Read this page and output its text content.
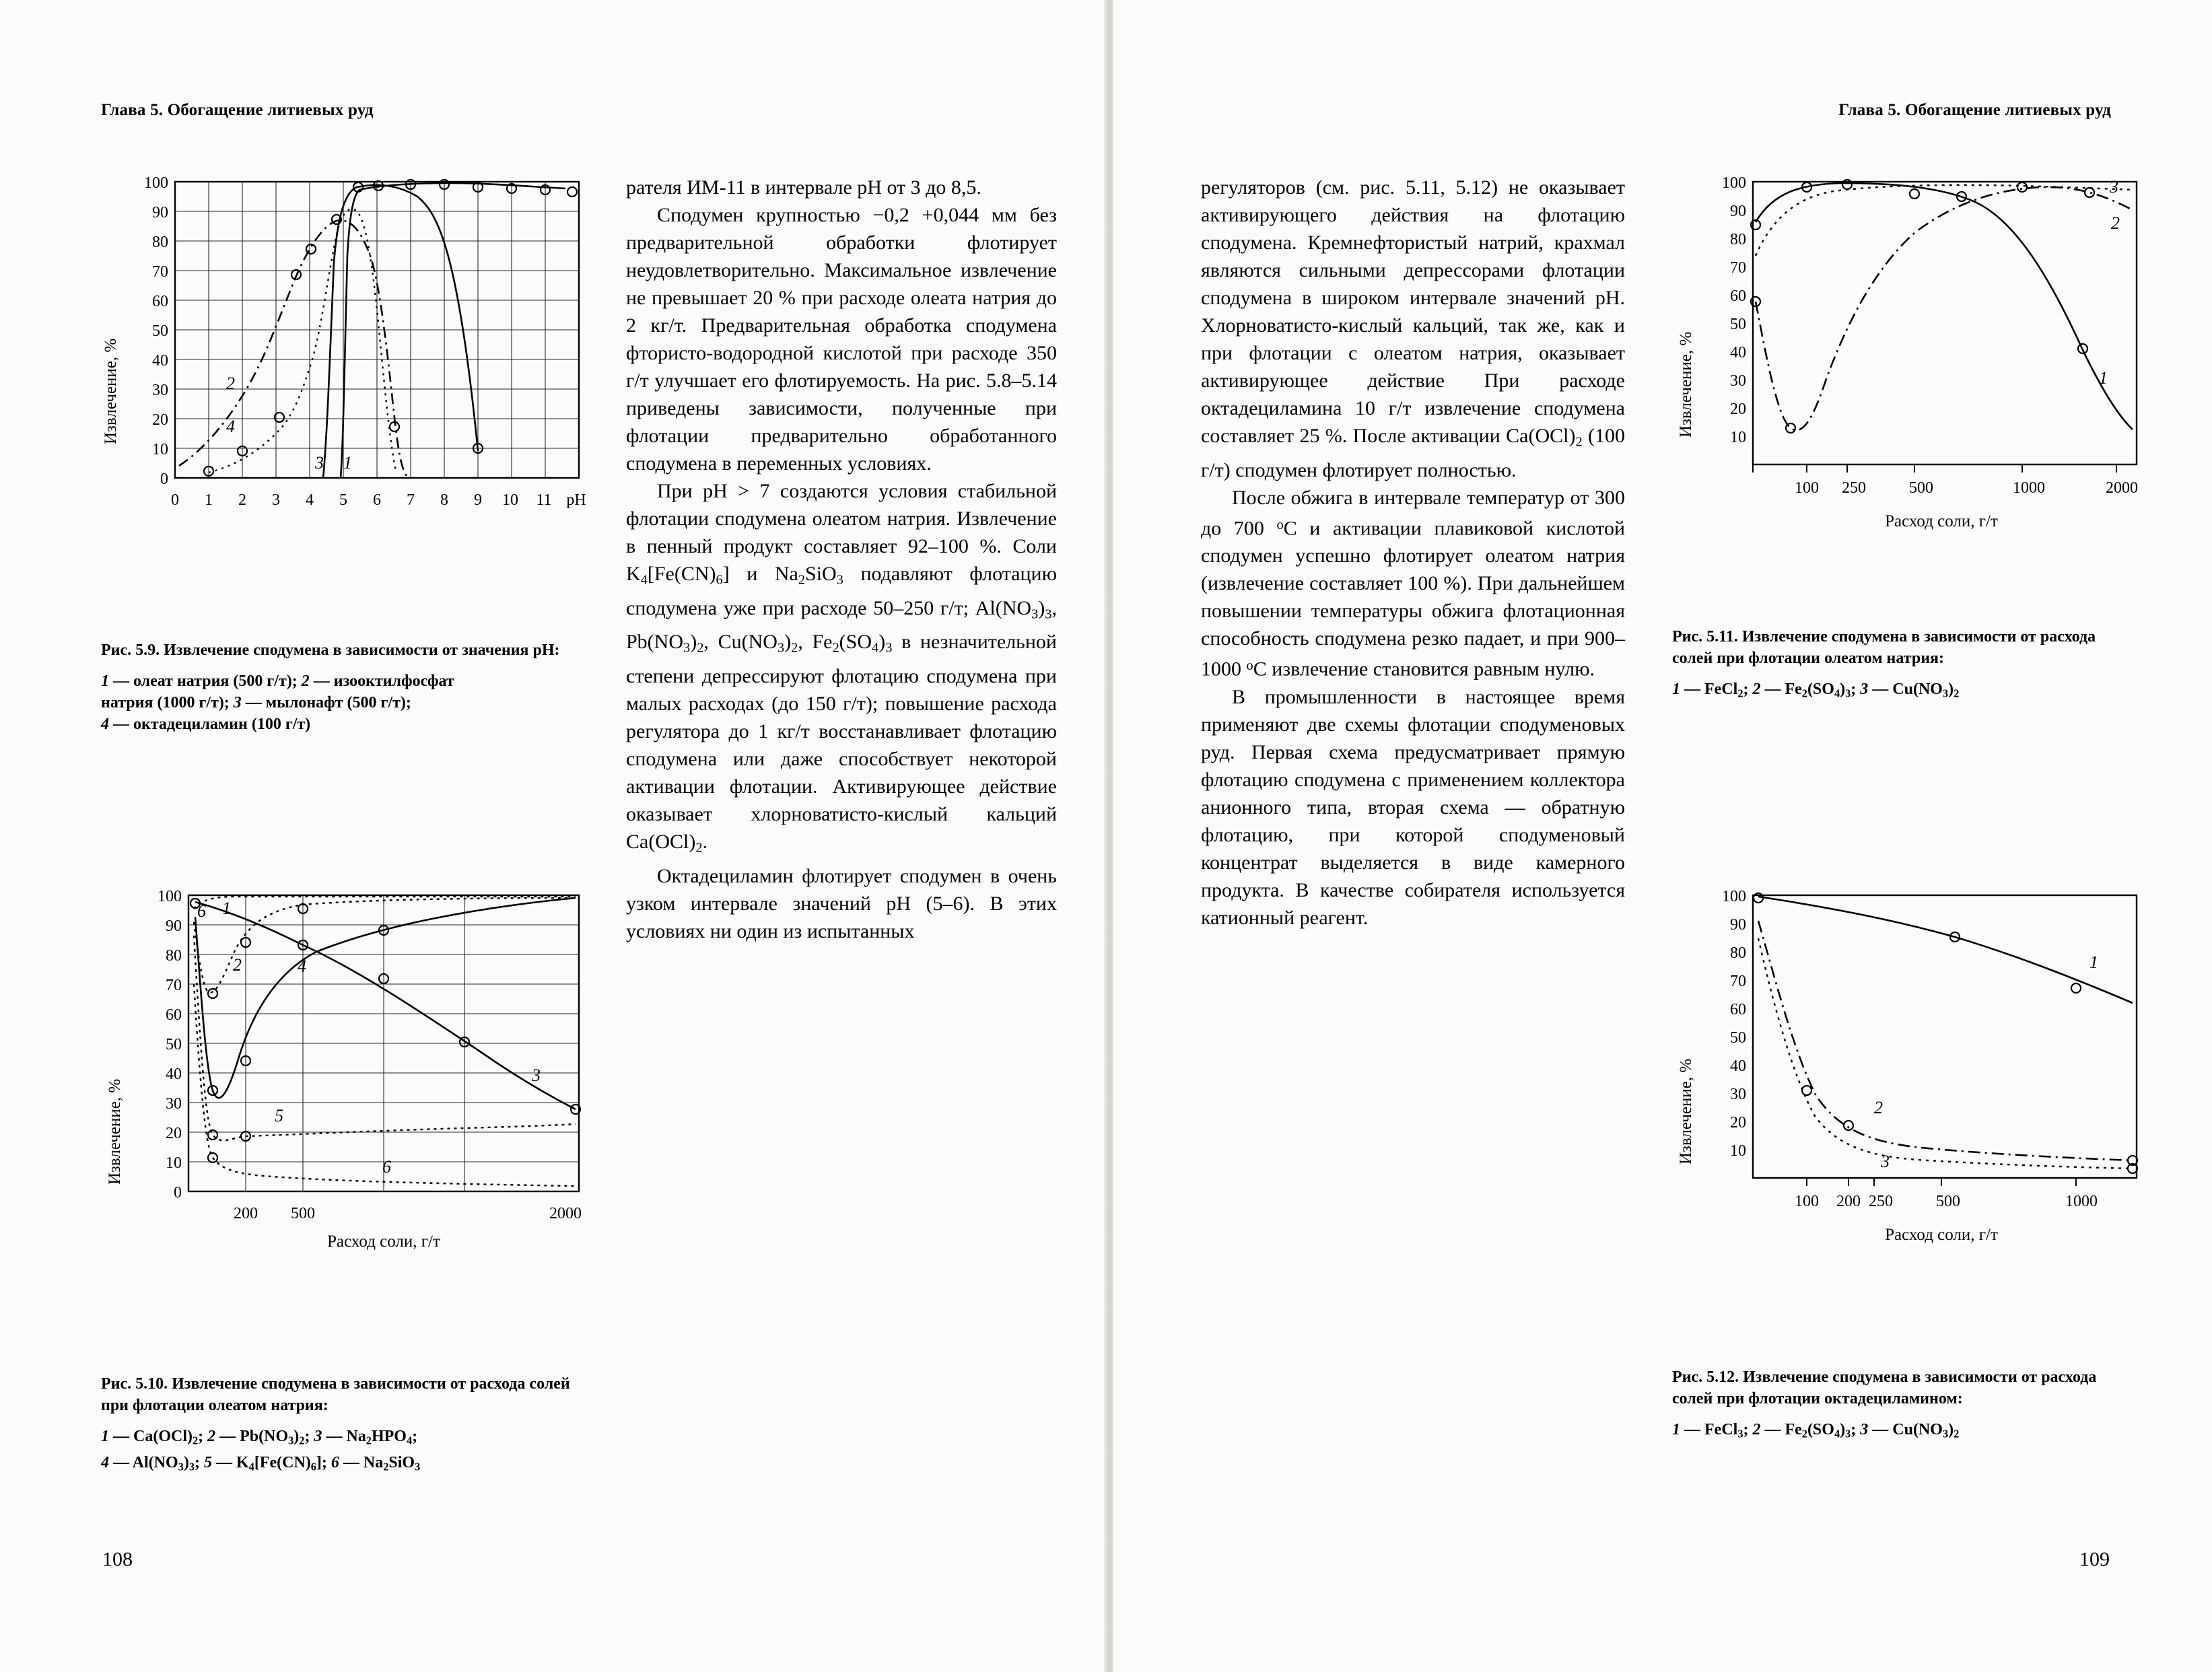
Глава 5. Обогащение литиевых руд
108
Извлечение, %
100
90
80
70
60
50
40
30
20
10
0
0 1 2 3 4 5 6 7 8 9 10 11 pH
2
4
3 1
Рис. 5.9. Извлечение сподумена в зависимости от значения pH:
1 — олеат натрия (500 г/т); 2 — изооктилфосфат
натрия (1000 г/т); 3 — мылонафт (500 г/т);
4 — октадециламин (100 г/т)
Извлечение, %
100
90
80
70
60
50
40
30
20
10
0
200 500	2000
Расход соли, г/т
6 1
2	4
5
3
6
Рис. 5.10. Извлечение сподумена в зависимости от расхода солей при флотации олеатом натрия:
1 — $Ca(OCl)_2$; 2 — $Pb(NO_3)_2$; 3 — $Na_2HPO_4$;
4 — $Al(NO_3)_3$; 5 — $K_4[Fe(CN)_6]$; 6 — $Na_2SiO_3$

рателя ИМ-11 в интервале pH от 3 до 8,5.

Сподумен крупностью −0,2 +0,044 мм без предварительной обработки флотирует неудовлетворительно. Максимальное извлечение не превышает 20 % при расходе олеата натрия до 2 кг/т. Предварительная обработка сподумена фтористо-водородной кислотой при расходе 350 г/т улучшает его флотируемость. На рис. 5.8–5.14 приведены зависимости, полученные при флотации предварительно обработанного сподумена в переменных условиях.

При pH > 7 создаются условия стабильной флотации сподумена олеатом натрия. Извлечение в пенный продукт составляет 92–100 %. Соли $K_4[Fe(CN)_6]$ и $Na_2SiO_3$ подавляют флотацию сподумена уже при расходе 50–250 г/т; $Al(NO_3)_3$, $Pb(NO_3)_2$, $Cu(NO_3)_2$, $Fe_2(SO_4)_3$ в незначительной степени депрессируют флотацию сподумена при малых расходах (до 150 г/т); повышение расхода регулятора до 1 кг/т восстанавливает флотацию сподумена или даже способствует некоторой активации флотации. Активирующее действие оказывает хлорноватисто-кислый кальций $Ca(OCl)_2$.

Октадециламин флотирует сподумен в очень узком интервале значений pH (5–6). В этих условиях ни один из испытанных

Глава 5. Обогащение литиевых руд
109

регуляторов (см. рис. 5.11, 5.12) не оказывает активирующего действия на флотацию сподумена. Кремнефтористый натрий, крахмал являются сильными депрессорами флотации сподумена в широком интервале значений pH. Хлорноватисто-кислый кальций, так же, как и при флотации с олеатом натрия, оказывает активирующее действие При расходе октадециламина 10 г/т извлечение сподумена составляет 25 %. После активации $Ca(OCl)_2$ (100 г/т) сподумен флотирует полностью.

После обжига в интервале температур от 300 до 700 $^о$С и активации плавиковой кислотой сподумен успешно флотирует олеатом натрия (извлечение составляет 100 %). При дальнейшем повышении температуры обжига флотационная способность сподумена резко падает, и при 900–1000 $^о$С извлечение становится равным нулю.

В промышленности в настоящее время применяют две схемы флотации сподуменовых руд. Первая схема предусматривает прямую флотацию сподумена с применением коллектора анионного типа, вторая схема — обратную флотацию, при которой сподуменовый концентрат выделяется в виде камерного продукта. В качестве собирателя используется катионный реагент.

Извлечение, %
100
90
80
70
60
50
40
30
20
10
100 250	500	1000	2000
Расход соли, г/т
3
2
1
Рис. 5.11. Извлечение сподумена в зависимости от расхода солей при флотации олеатом натрия:
1 — FeCl$_2$; 2 — $Fe_2(SO_4)_3$; 3 — $Cu(NO_3)_2$
Извлечение, %
100
90
80
70
60
50
40
30
20
10
100 200 250	500	1000
Расход соли, г/т
1
2
3
Рис. 5.12. Извлечение сподумена в зависимости от расхода солей при флотации октадециламином:
1 — FeCl$_3$; 2 — $Fe_2(SO_4)_3$; 3 — $Cu(NO_3)_2$
